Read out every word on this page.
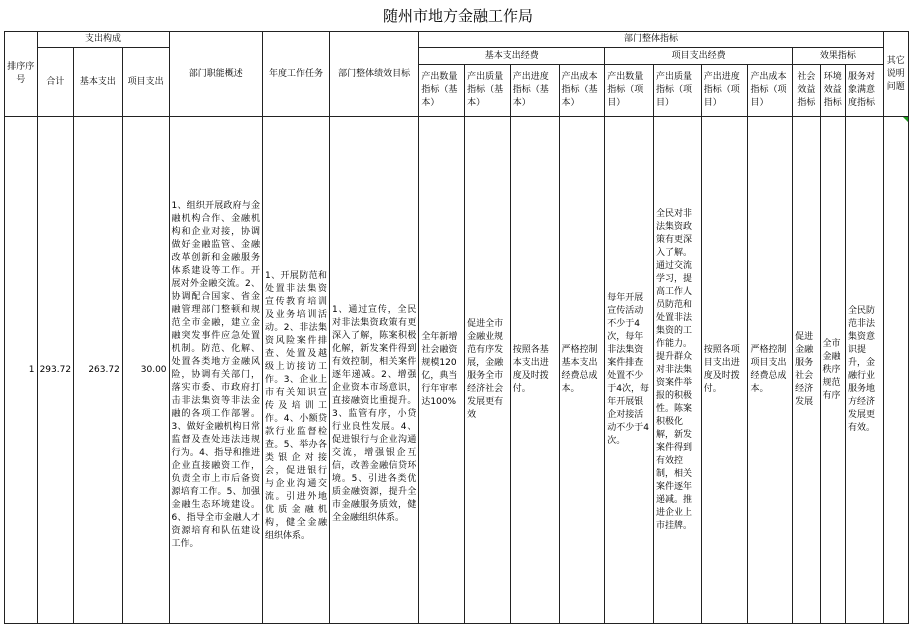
随州市地方金融工作局
排序序号	支出构成			部门职能概述	年度工作任务	部门整体绩效目标	部门整体指标											其它说明问题
	合计	基本支出	项目支出				基本支出经费				项目支出经费				效果指标			
							产出数量指标（基本）	产出质量指标（基本）	产出进度指标（基本）	产出成本指标（基本）	产出数量指标（项目）	产出质量指标（项目）	产出进度指标（项目）	产出成本指标（项目）	社会效益指标	环境效益指标	服务对象满意度指标	
1	293.72	263.72	30.00	1、组织开展政府与金融机构合作、金融机构和企业对接，协调做好金融监管、金融改革创新和金融服务体系建设等工作。开展对外金融交流。2、协调配合国家、省金融管理部门整顿和规范全市金融，建立金融突发事件应急处置机制。防范、化解、处置各类地方金融风险，协调有关部门，落实市委、市政府打击非法集资等非法金融的各项工作部署。3、做好金融机构日常监督及查处违法违规行为。4、指导和推进企业直接融资工作，负责全市上市后备资源培育工作。5、加强金融生态环境建设。6、指导全市金融人才资源培育和队伍建设工作。	1、开展防范和处置非法集资宣传教育培训及业务培训活动。2、非法集资风险案件排查、处置及越级上访接访工作。3、企业上市有关知识宣传及培训工作。4、小额贷款行业监督检查。5、举办各类银企对接会，促进银行与企业沟通交流。引进外地优质金融机构，健全金融组织体系。	1、通过宣传，全民对非法集资政策有更深入了解，陈案积极化解，新发案件得到有效控制，相关案件逐年递减。2、增强企业资本市场意识，直接融资比重提升。3、监管有序，小贷行业良性发展。4、促进银行与企业沟通交流，增强银企互信，改善金融信贷环境。5、引进各类优质金融资源，提升全市金融服务质效，健全金融组织体系。	全年新增社会融资规模120亿，典当行年审率达100%	促进全市金融业规范有序发展，金融服务全市经济社会发展更有效	按照各基本支出进度及时拨付。	严格控制基本支出经费总成本。	每年开展宣传活动不少于4次，每年非法集资案件排查处置不少于4次，每年开展银企对接活动不少于4次。	全民对非法集资政策有更深入了解。通过交流学习，提高工作人员防范和处置非法集资的工作能力。提升群众对非法集资案件举报的积极性。陈案积极化解，新发案件得到有效控制，相关案件逐年递减。推进企业上市挂牌。	按照各项目支出进度及时拨付。	严格控制项目支出经费总成本。	促进金融服务社会经济发展	全市金融秩序规范有序	全民防范非法集资意识提升，金融行业服务地方经济发展更有效。	
